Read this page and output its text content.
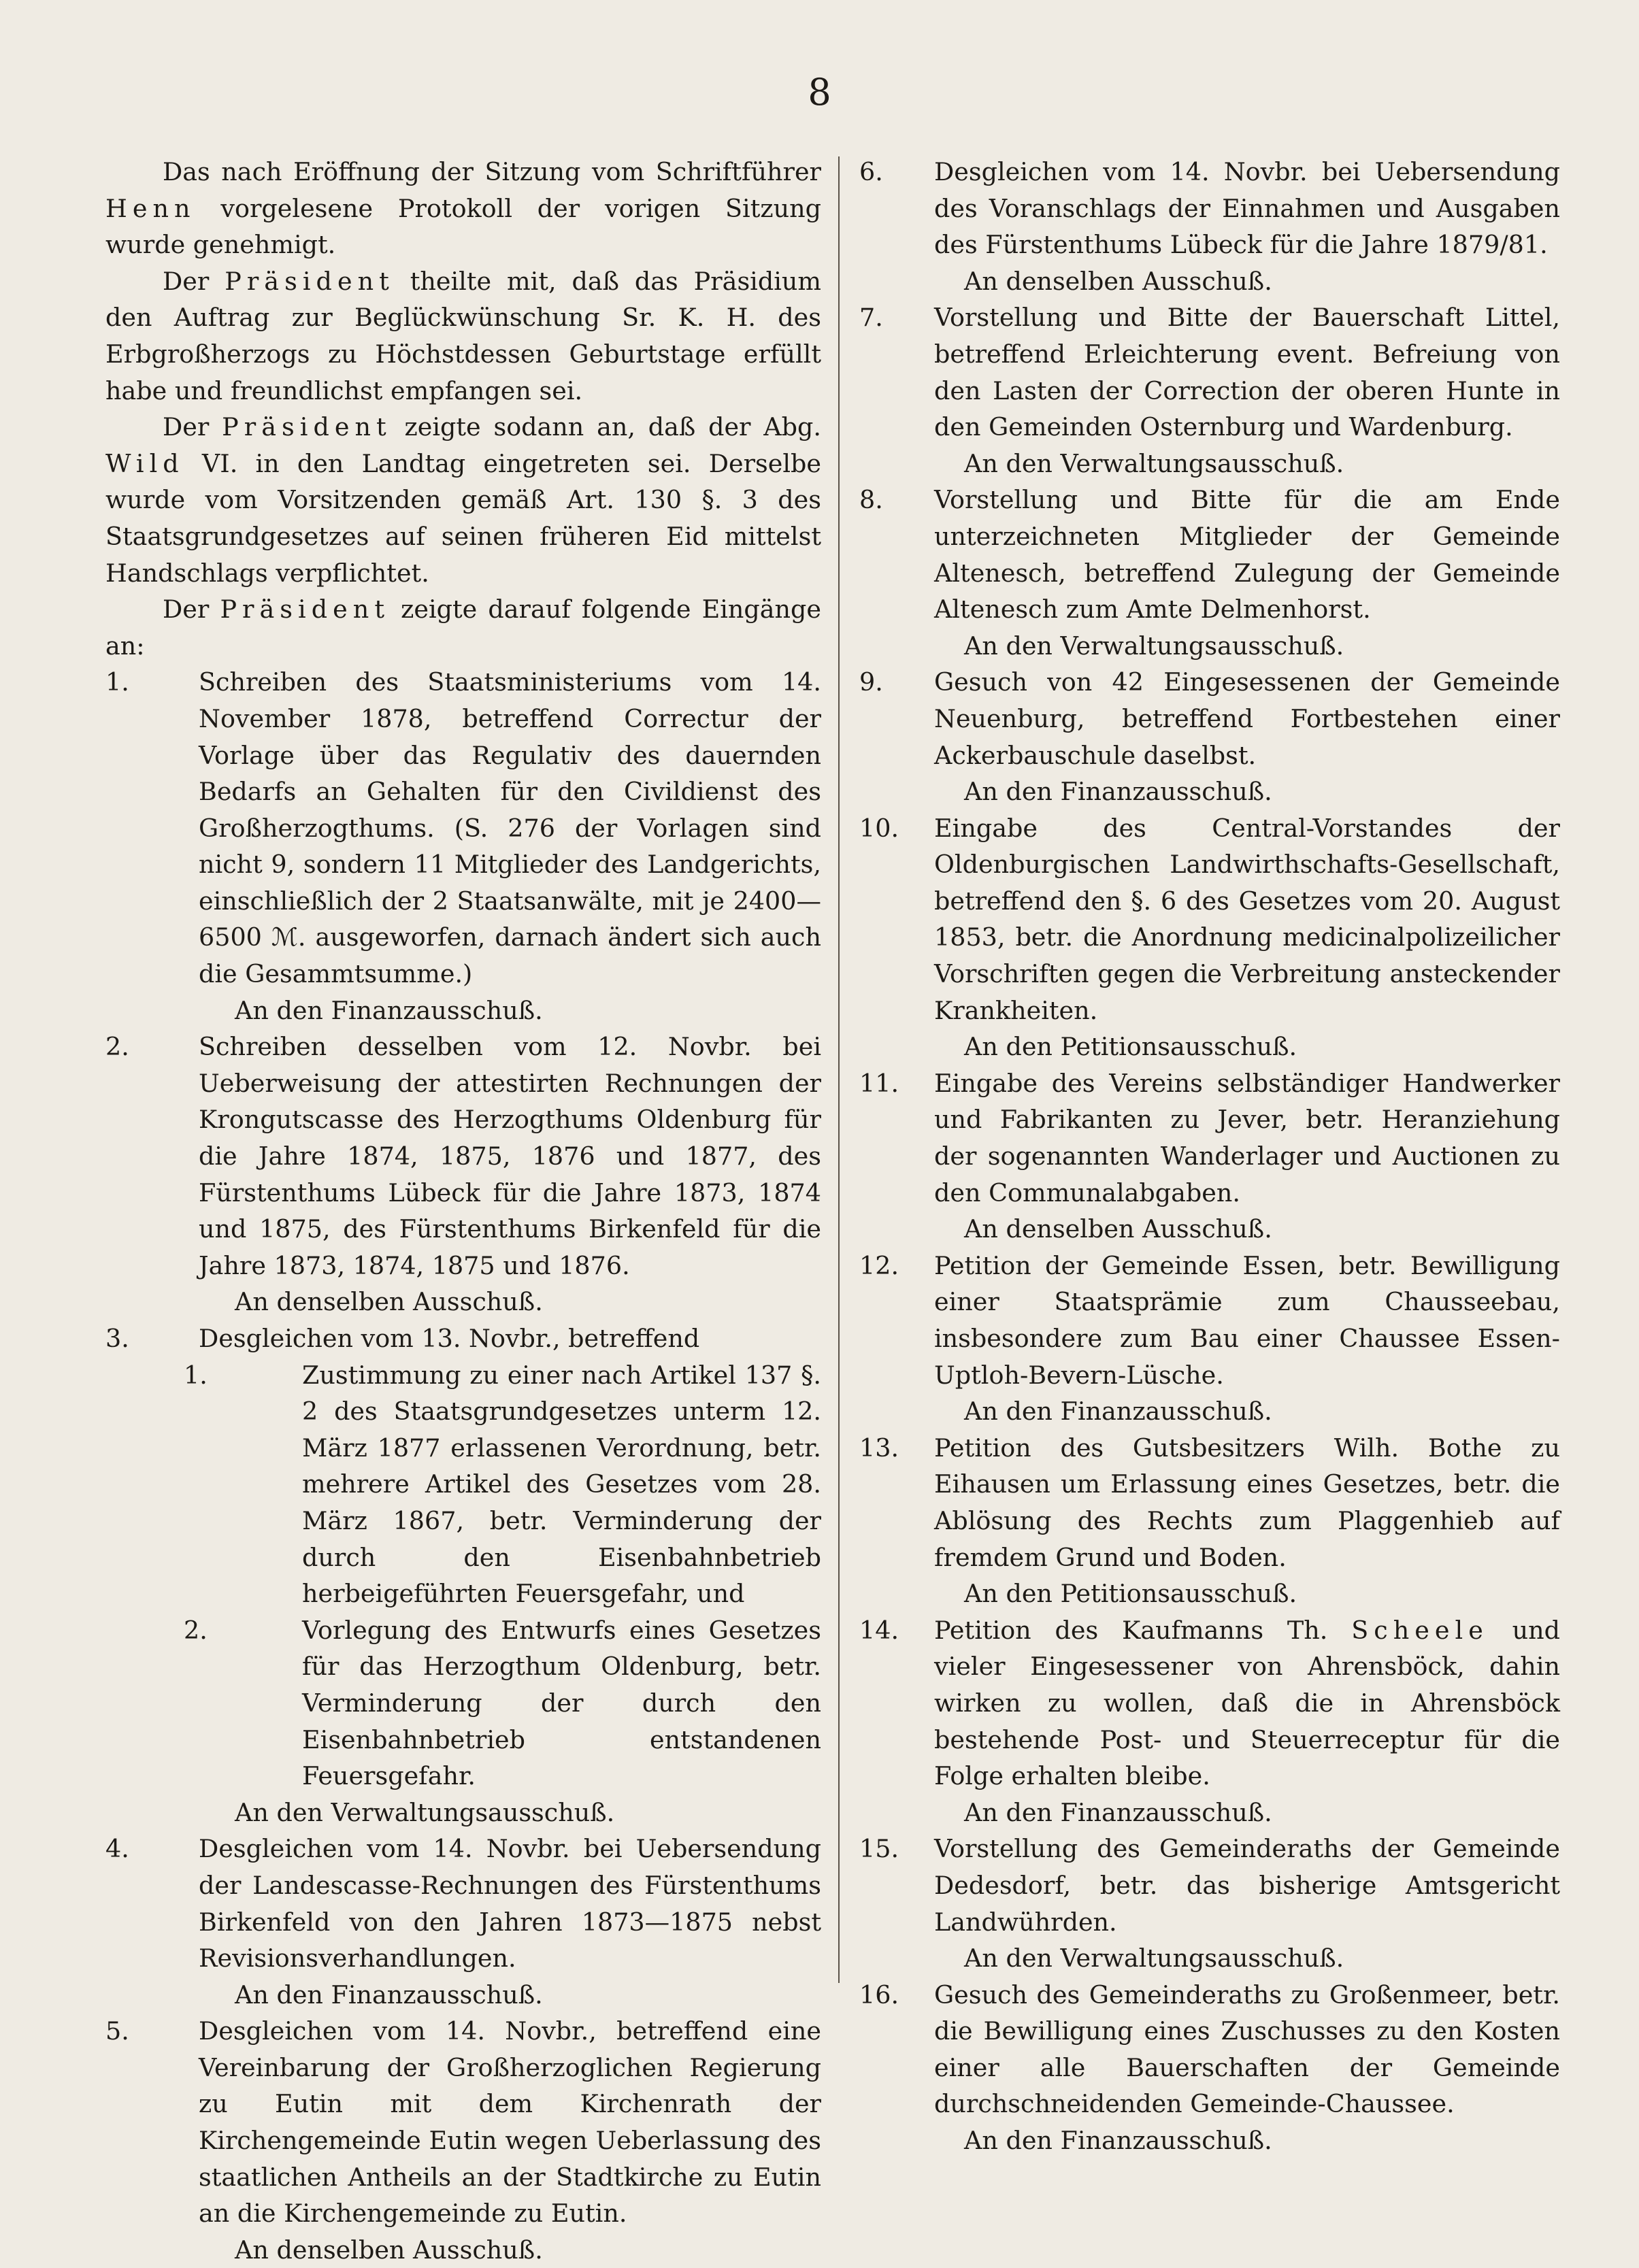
8

Das nach Eröffnung der Sitzung vom Schriftführer Henn vorgelesene Protokoll der vorigen Sitzung wurde genehmigt.

Der Präsident theilte mit, daß das Präsidium den Auftrag zur Beglückwünschung Sr. K. H. des Erbgroßherzogs zu Höchstdessen Geburtstage erfüllt habe und freundlichst empfangen sei.

Der Präsident zeigte sodann an, daß der Abg. Wild VI. in den Landtag eingetreten sei. Derselbe wurde vom Vorsitzenden gemäß Art. 130 §. 3 des Staatsgrundgesetzes auf seinen früheren Eid mittelst Handschlags verpflichtet.

Der Präsident zeigte darauf folgende Eingänge an:

1.	Schreiben des Staatsministeriums vom 14. November 1878, betreffend Correctur der Vorlage über das Regulativ des dauernden Bedarfs an Gehalten für den Civildienst des Großherzogthums. (S. 276 der Vorlagen sind nicht 9, sondern 11 Mitglieder des Landgerichts, einschließlich der 2 Staatsanwälte, mit je 2400—6500 ℳ. ausgeworfen, darnach ändert sich auch die Gesammtsumme.)

An den Finanzausschuß.

2.	Schreiben desselben vom 12. Novbr. bei Ueberweisung der attestirten Rechnungen der Krongutscasse des Herzogthums Oldenburg für die Jahre 1874, 1875, 1876 und 1877, des Fürstenthums Lübeck für die Jahre 1873, 1874 und 1875, des Fürstenthums Birkenfeld für die Jahre 1873, 1874, 1875 und 1876.

An denselben Ausschuß.

3.	Desgleichen vom 13. Novbr., betreffend
1.	Zustimmung zu einer nach Artikel 137 §. 2 des Staatsgrundgesetzes unterm 12. März 1877 erlassenen Verordnung, betr. mehrere Artikel des Gesetzes vom 28. März 1867, betr. Verminderung der durch den Eisenbahnbetrieb herbeigeführten Feuersgefahr, und
2.	Vorlegung des Entwurfs eines Gesetzes für das Herzogthum Oldenburg, betr. Verminderung der durch den Eisenbahnbetrieb entstandenen Feuersgefahr.

An den Verwaltungsausschuß.

4.	Desgleichen vom 14. Novbr. bei Uebersendung der Landescasse-Rechnungen des Fürstenthums Birkenfeld von den Jahren 1873—1875 nebst Revisionsverhandlungen.

An den Finanzausschuß.

5.	Desgleichen vom 14. Novbr., betreffend eine Vereinbarung der Großherzoglichen Regierung zu Eutin mit dem Kirchenrath der Kirchengemeinde Eutin wegen Ueberlassung des staatlichen Antheils an der Stadtkirche zu Eutin an die Kirchengemeinde zu Eutin.

An denselben Ausschuß.

6.	Desgleichen vom 14. Novbr. bei Uebersendung des Voranschlags der Einnahmen und Ausgaben des Fürstenthums Lübeck für die Jahre 1879/81.

An denselben Ausschuß.

7.	Vorstellung und Bitte der Bauerschaft Littel, betreffend Erleichterung event. Befreiung von den Lasten der Correction der oberen Hunte in den Gemeinden Osternburg und Wardenburg.

An den Verwaltungsausschuß.

8.	Vorstellung und Bitte für die am Ende unterzeichneten Mitglieder der Gemeinde Altenesch, betreffend Zulegung der Gemeinde Altenesch zum Amte Delmenhorst.

An den Verwaltungsausschuß.

9.	Gesuch von 42 Eingesessenen der Gemeinde Neuenburg, betreffend Fortbestehen einer Ackerbauschule daselbst.

An den Finanzausschuß.

10.	Eingabe des Central-Vorstandes der Oldenburgischen Landwirthschafts-Gesellschaft, betreffend den §. 6 des Gesetzes vom 20. August 1853, betr. die Anordnung medicinalpolizeilicher Vorschriften gegen die Verbreitung ansteckender Krankheiten.

An den Petitionsausschuß.

11.	Eingabe des Vereins selbständiger Handwerker und Fabrikanten zu Jever, betr. Heranziehung der sogenannten Wanderlager und Auctionen zu den Communalabgaben.

An denselben Ausschuß.

12.	Petition der Gemeinde Essen, betr. Bewilligung einer Staatsprämie zum Chausseebau, insbesondere zum Bau einer Chaussee Essen-Uptloh-Bevern-Lüsche.

An den Finanzausschuß.

13.	Petition des Gutsbesitzers Wilh. Bothe zu Eihausen um Erlassung eines Gesetzes, betr. die Ablösung des Rechts zum Plaggenhieb auf fremdem Grund und Boden.

An den Petitionsausschuß.

14.	Petition des Kaufmanns Th. Scheele und vieler Eingesessener von Ahrensböck, dahin wirken zu wollen, daß die in Ahrensböck bestehende Post- und Steuerreceptur für die Folge erhalten bleibe.

An den Finanzausschuß.

15.	Vorstellung des Gemeinderaths der Gemeinde Dedesdorf, betr. das bisherige Amtsgericht Landwührden.

An den Verwaltungsausschuß.

16.	Gesuch des Gemeinderaths zu Großenmeer, betr. die Bewilligung eines Zuschusses zu den Kosten einer alle Bauerschaften der Gemeinde durchschneidenden Gemeinde-Chaussee.

An den Finanzausschuß.
